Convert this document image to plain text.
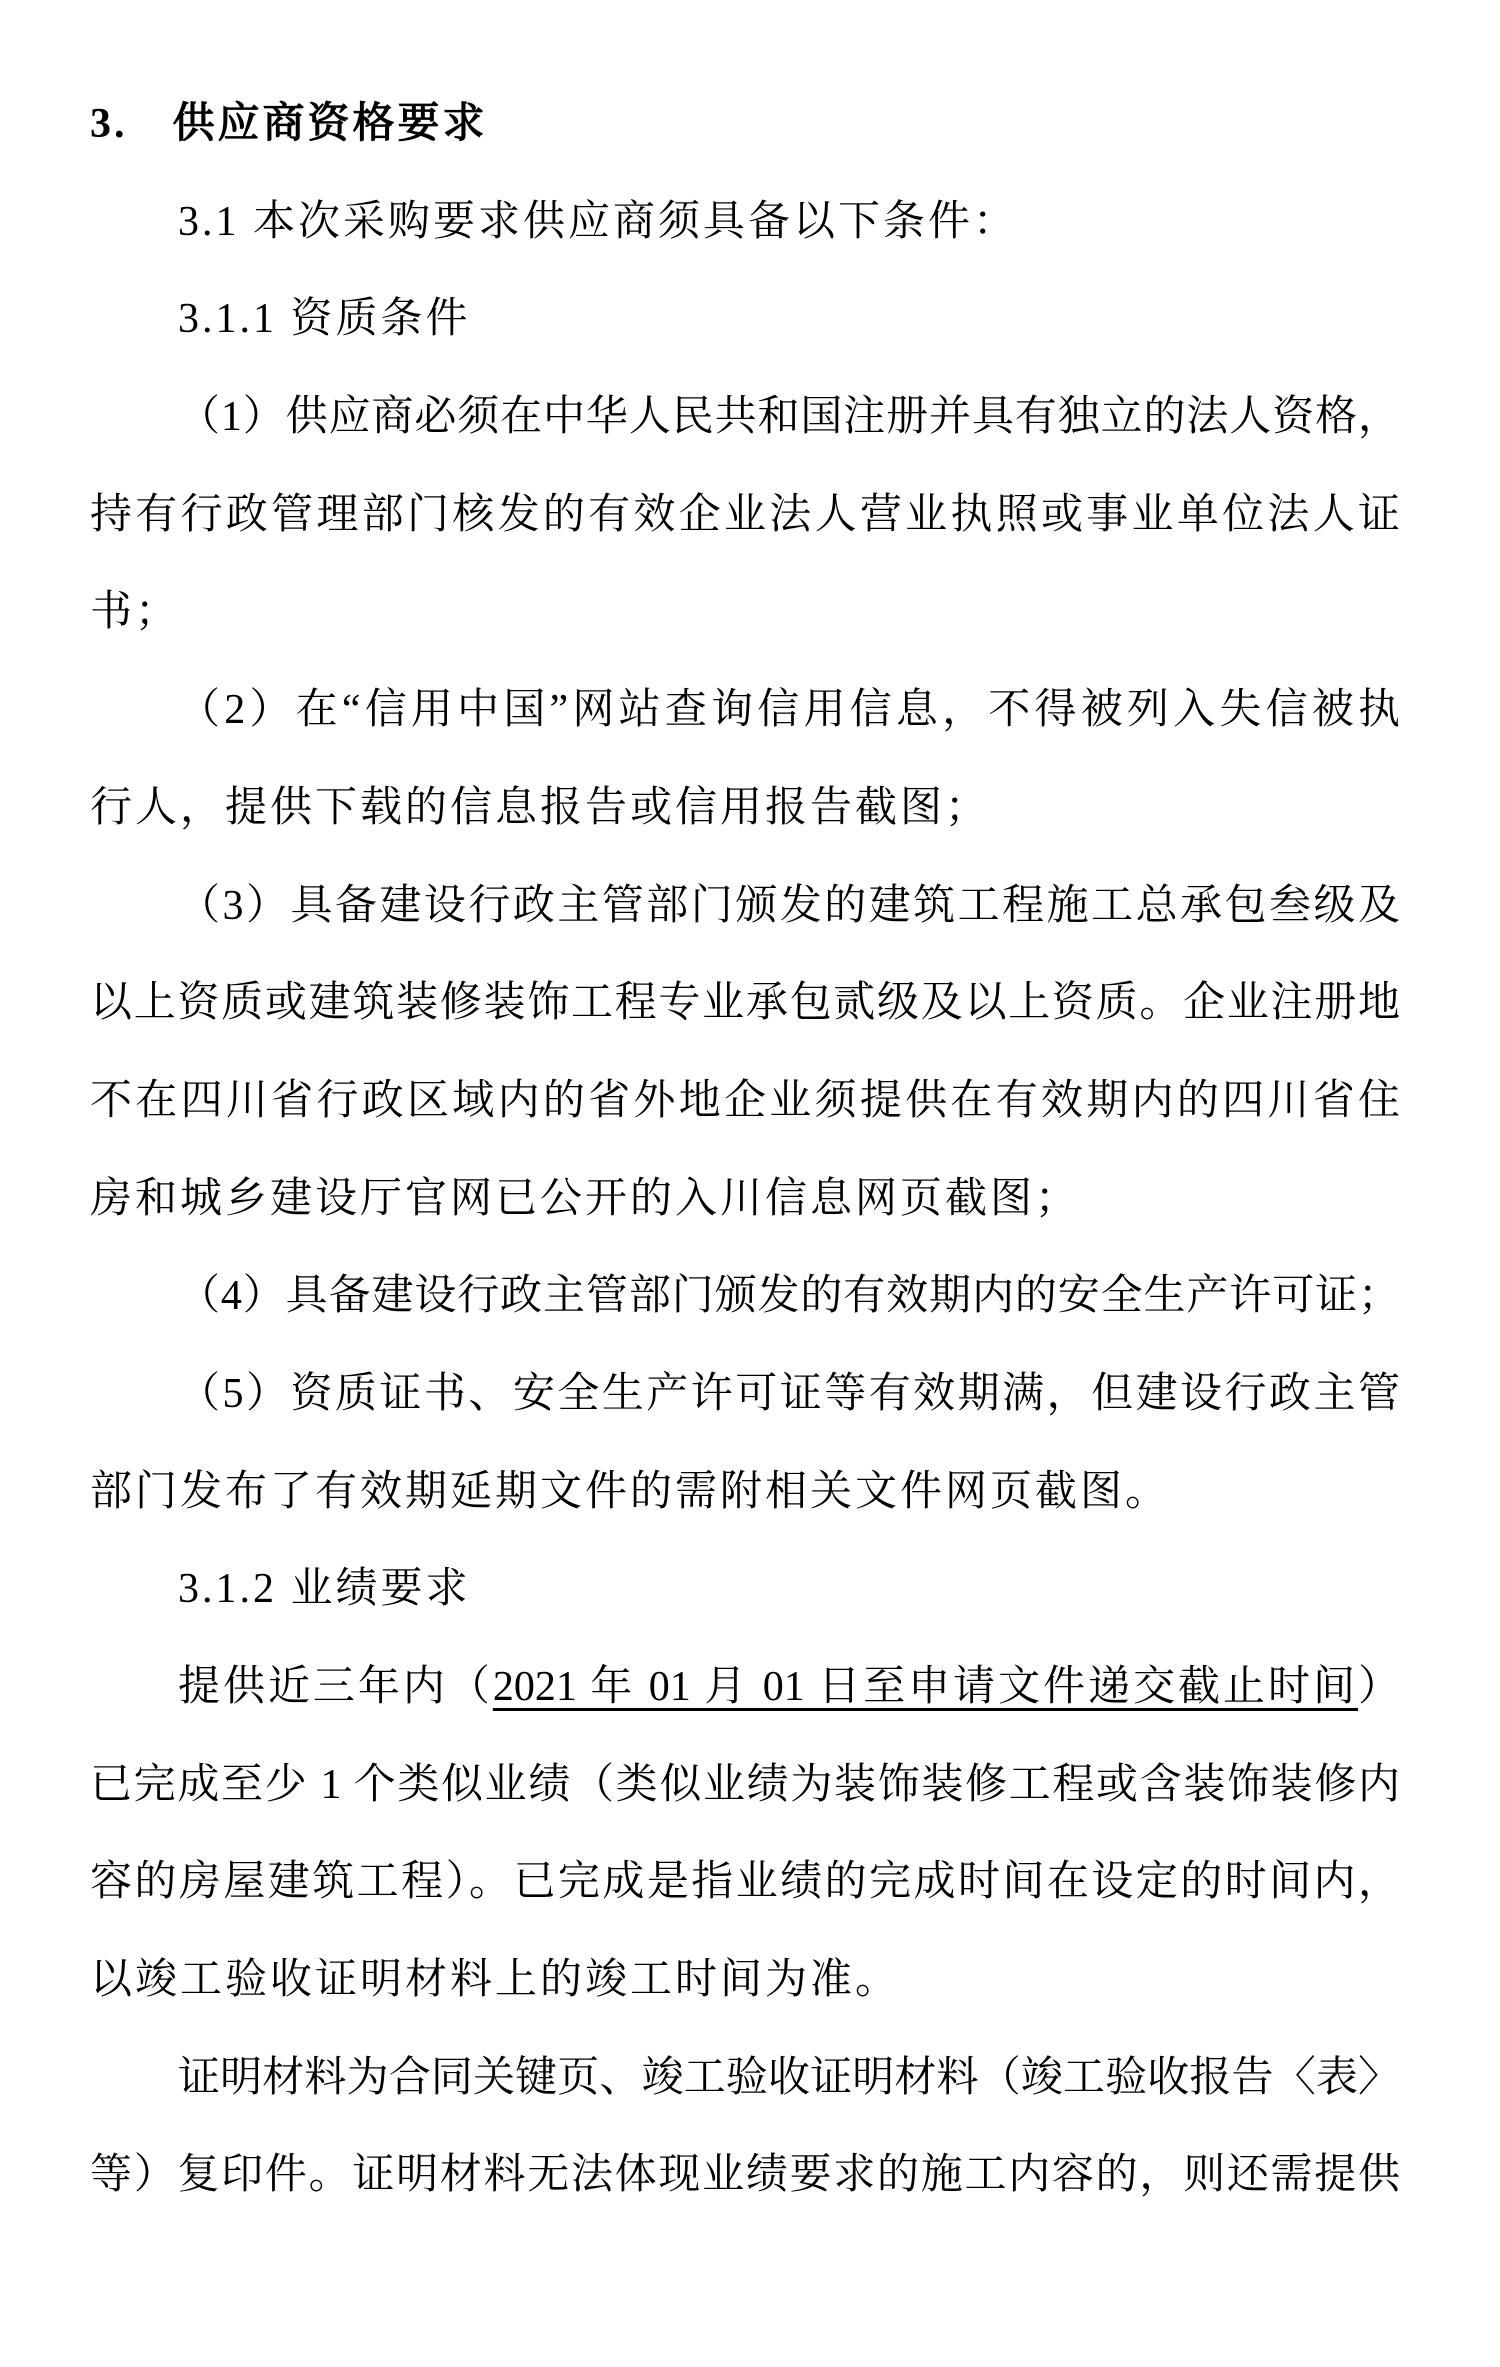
3.　供应商资格要求
3.1 本次采购要求供应商须具备以下条件：
3.1.1 资质条件
（1）供应商必须在中华人民共和国注册并具有独立的法人资格，
持有行政管理部门核发的有效企业法人营业执照或事业单位法人证
书；
（2）在“信用中国”网站查询信用信息，不得被列入失信被执
行人，提供下载的信息报告或信用报告截图；
（3）具备建设行政主管部门颁发的建筑工程施工总承包叁级及
以上资质或建筑装修装饰工程专业承包贰级及以上资质。企业注册地
不在四川省行政区域内的省外地企业须提供在有效期内的四川省住
房和城乡建设厅官网已公开的入川信息网页截图；
（4）具备建设行政主管部门颁发的有效期内的安全生产许可证；
（5）资质证书、安全生产许可证等有效期满，但建设行政主管
部门发布了有效期延期文件的需附相关文件网页截图。
3.1.2 业绩要求
提供近三年内（2021 年 01 月 01 日至申请文件递交截止时间）
已完成至少 1 个类似业绩（类似业绩为装饰装修工程或含装饰装修内
容的房屋建筑工程）。已完成是指业绩的完成时间在设定的时间内，
以竣工验收证明材料上的竣工时间为准。
证明材料为合同关键页、竣工验收证明材料（竣工验收报告〈表〉
等）复印件。证明材料无法体现业绩要求的施工内容的，则还需提供
